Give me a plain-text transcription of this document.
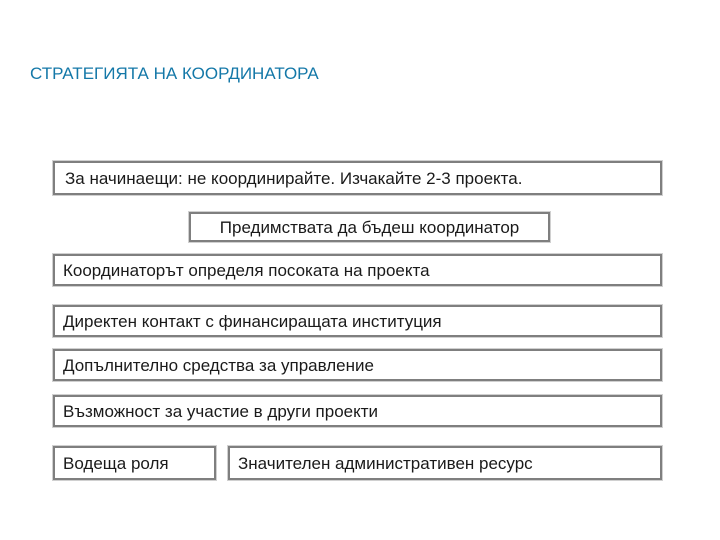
СТРАТЕГИЯТА НА КООРДИНАТОРА
За начинаещи: не координирайте. Изчакайте 2-3 проекта.
Предимствата да бъдеш координатор
Координаторът определя посоката на проекта
Директен контакт с финансиращата институция
Допълнително средства за управление
Възможност за участие в други проекти
Водеща роля	Значителен административен ресурс
